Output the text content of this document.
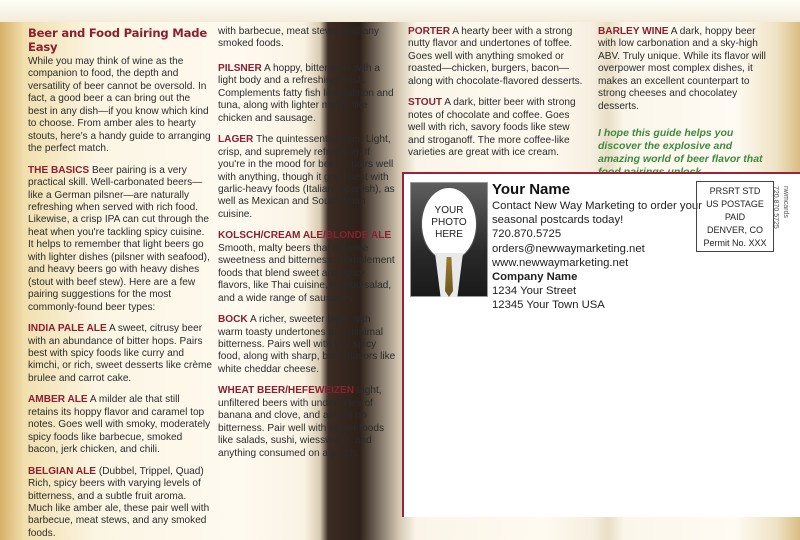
Beer and Food Pairing Made Easy

While you may think of wine as the companion to food, the depth and versatility of beer cannot be oversold. In fact, a good beer a can bring out the best in any dish—if you know which kind to choose. From amber ales to hearty stouts, here's a handy guide to arranging the perfect match.

THE BASICS Beer pairing is a very practical skill. Well-carbonated beers—like a German pilsner—are naturally refreshing when served with rich food. Likewise, a crisp IPA can cut through the heat when you're tackling spicy cuisine. It helps to remember that light beers go with lighter dishes (pilsner with seafood), and heavy beers go with heavy dishes (stout with beef stew). Here are a few pairing suggestions for the most commonly-found beer types:

INDIA PALE ALE A sweet, citrusy beer with an abundance of bitter hops. Pairs best with spicy foods like curry and kimchi, or rich, sweet desserts like crème brulee and carrot cake.

AMBER ALE A milder ale that still retains its hoppy flavor and caramel top notes. Goes well with smoky, moderately spicy foods like barbecue, smoked bacon, jerk chicken, and chili.

BELGIAN ALE (Dubbel, Trippel, Quad) Rich, spicy beers with varying levels of bitterness, and a subtle fruit aroma. Much like amber ale, these pair well with barbecue, meat stews, and any smoked foods.

with barbecue, meat stews, and any smoked foods.

PILSNER A hoppy, bitter beer with a light body and a refreshing finish. Complements fatty fish like salmon and tuna, along with lighter meats like chicken and sausage.

LAGER The quintessential beer. Light, crisp, and supremely refreshing. If you're in the mood for beer, it pairs well with anything, though it goes best with garlic-heavy foods (Italian, Spanish), as well as Mexican and South Asian cuisine.

KOLSCH/CREAM ALE/BLONDE ALE Smooth, malty beers that balance sweetness and bitterness. Complement foods that blend sweet and spicy flavors, like Thai cuisine, mango salad, and a wide range of sausages.

BOCK A richer, sweeter lager with warm toasty undertones and minimal bitterness. Pairs well with any spicy food, along with sharp, bitter flavors like white cheddar cheese.

WHEAT BEER/HEFEWEIZEN Light, unfiltered beers with undertones of banana and clove, and almost no bitterness. Pair well with lighter foods like salads, sushi, wiesswurst, and anything consumed on a porch.

PORTER A hearty beer with a strong nutty flavor and undertones of toffee. Goes well with anything smoked or roasted—chicken, burgers, bacon—along with chocolate-flavored desserts.

STOUT A dark, bitter beer with strong notes of chocolate and coffee. Goes well with rich, savory foods like stew and stroganoff. The more coffee-like varieties are great with ice cream.

BARLEY WINE A dark, hoppy beer with low carbonation and a sky-high ABV. Truly unique. While its flavor will overpower most complex dishes, it makes an excellent counterpart to strong cheeses and chocolatey desserts.

I hope this guide helps you discover the explosive and amazing world of beer flavor that
YOUR PHOTO HERE
Your Name
Contact New Way Marketing to order your seasonal postcards today!
720.870.5725
orders@newwaymarketing.net
www.newwaymarketing.net
Company Name
1234 Your Street
12345 Your Town USA
PRSRT STD
US POSTAGE
PAID
DENVER, CO
Permit No. XXX
nwmcards 720.870.5725
